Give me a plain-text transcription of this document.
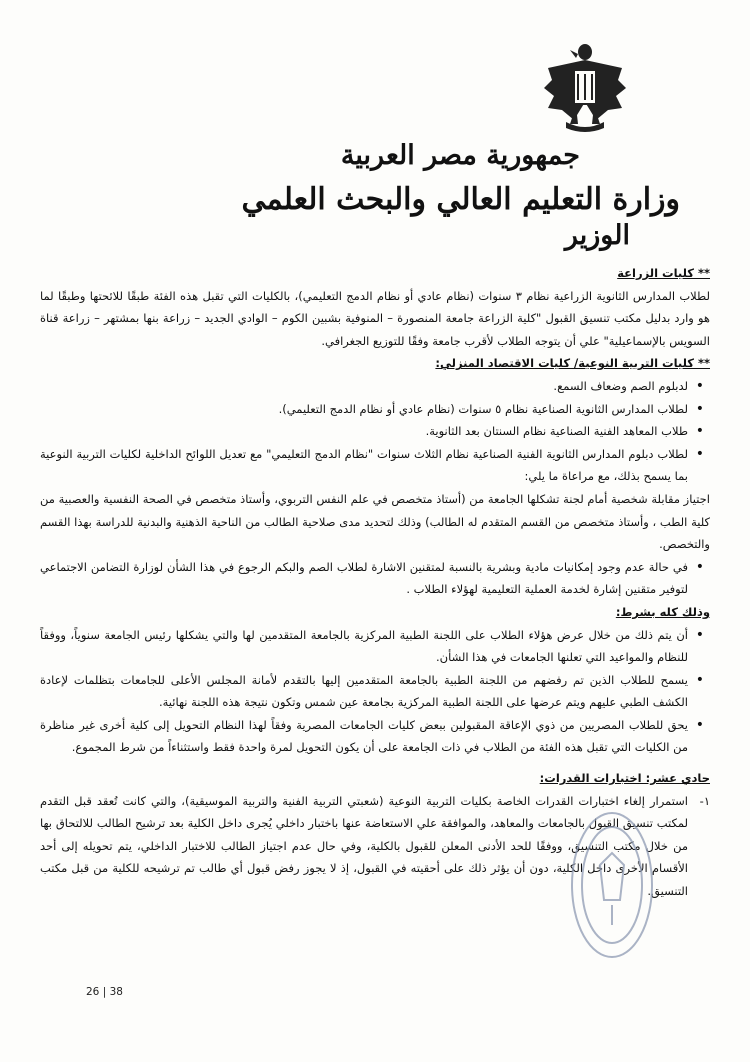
جمهورية مصر العربية
وزارة التعليم العالي والبحث العلمي
الوزير

** كليات الزراعة

لطلاب المدارس الثانوية الزراعية نظام ٣ سنوات (نظام عادي أو نظام الدمج التعليمي)، بالكليات التي تقبل هذه الفئة طبقًا للائحتها وطبقًا لما هو وارد بدليل مكتب تنسيق القبول "كلية الزراعة جامعة المنصورة – المنوفية بشبين الكوم – الوادي الجديد – زراعة بنها بمشتهر – زراعة قناة السويس بالإسماعيلية" علي أن يتوجه الطلاب لأقرب جامعة وفقًا للتوزيع الجغرافي.

** كليات التربية النوعية/ كليات الاقتصاد المنزلي:

• لدبلوم الصم وضعاف السمع.
• لطلاب المدارس الثانوية الصناعية نظام ٥ سنوات (نظام عادي أو نظام الدمج التعليمي).
• طلاب المعاهد الفنية الصناعية نظام السنتان بعد الثانوية.
• لطلاب دبلوم المدارس الثانوية الفنية الصناعية نظام الثلاث سنوات "نظام الدمج التعليمي" مع تعديل اللوائح الداخلية لكليات التربية النوعية بما يسمح بذلك، مع مراعاة ما يلي:

اجتياز مقابلة شخصية أمام لجنة تشكلها الجامعة من (أستاذ متخصص في علم النفس التربوي، وأستاذ متخصص في الصحة النفسية والعصبية من كلية الطب ، وأستاذ متخصص من القسم المتقدم له الطالب) وذلك لتحديد مدى صلاحية الطالب من الناحية الذهنية والبدنية للدراسة بهذا القسم والتخصص.

• في حالة عدم وجود إمكانيات مادية وبشرية بالنسبة لمتقنين الاشارة لطلاب الصم والبكم الرجوع في هذا الشأن لوزارة التضامن الاجتماعي لتوفير متقنين إشارة لخدمة العملية التعليمية لهؤلاء الطلاب .

وذلك كله بشرط:

• أن يتم ذلك من خلال عرض هؤلاء الطلاب على اللجنة الطبية المركزية بالجامعة المتقدمين لها والتي يشكلها رئيس الجامعة سنوياً، ووفقاً للنظام والمواعيد التي تعلنها الجامعات في هذا الشأن.
• يسمح للطلاب الذين تم رفضهم من اللجنة الطبية بالجامعة المتقدمين إليها بالتقدم لأمانة المجلس الأعلى للجامعات بتظلمات لإعادة الكشف الطبي عليهم ويتم عرضها على اللجنة الطبية المركزية بجامعة عين شمس وتكون نتيجة هذه اللجنة نهائية.
• يحق للطلاب المصريين من ذوي الإعاقة المقبولين ببعض كليات الجامعات المصرية وفقاً لهذا النظام التحويل إلى كلية أخرى غير مناظرة من الكليات التي تقبل هذه الفئة من الطلاب في ذات الجامعة على أن يكون التحويل لمرة واحدة فقط واستثناءاً من شرط المجموع.

حادي عشر: اختبارات القدرات:

١-

استمرار إلغاء اختبارات القدرات الخاصة بكليات التربية النوعية (شعبتي التربية الفنية والتربية الموسيقية)، والتي كانت تُعقد قبل التقدم لمكتب تنسيق القبول بالجامعات والمعاهد، والموافقة علي الاستعاضة عنها باختبار داخلي يُجرى داخل الكلية بعد ترشيح الطالب للالتحاق بها من خلال مكتب التنسيق، ووفقًا للحد الأدنى المعلن للقبول بالكلية، وفي حال عدم اجتياز الطالب للاختبار الداخلي، يتم تحويله إلى أحد الأقسام الأخرى داخل الكلية، دون أن يؤثر ذلك على أحقيته في القبول، إذ لا يجوز رفض قبول أي طالب تم ترشيحه للكلية من قبل مكتب التنسيق.

26 | 38
